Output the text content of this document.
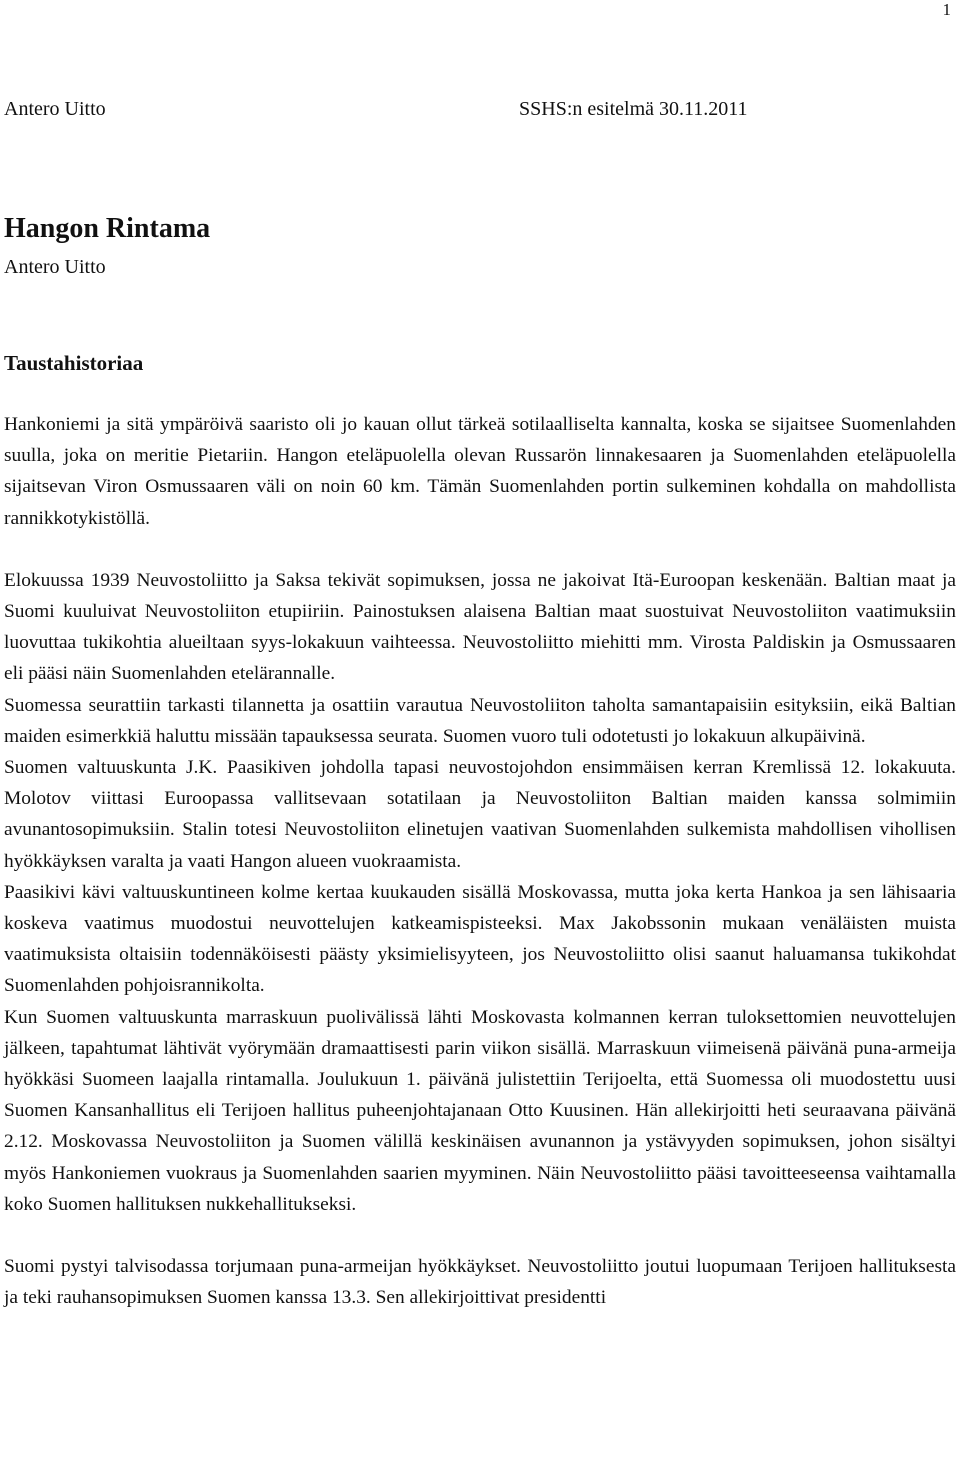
1
Antero Uitto	SSHS:n esitelmä 30.11.2011
Hangon Rintama
Antero Uitto
Taustahistoriaa

Hankoniemi ja sitä ympäröivä saaristo oli jo kauan ollut tärkeä sotilaalliselta kannalta, koska se sijaitsee Suomenlahden suulla, joka on meritie Pietariin. Hangon eteläpuolella olevan Russarön linnakesaaren ja Suomenlahden eteläpuolella sijaitsevan Viron Osmussaaren väli on noin 60 km. Tämän Suomenlahden portin sulkeminen kohdalla on mahdollista rannikkotykistöllä.

Elokuussa 1939 Neuvostoliitto ja Saksa tekivät sopimuksen, jossa ne jakoivat Itä-Euroopan keskenään. Baltian maat ja Suomi kuuluivat Neuvostoliiton etupiiriin. Painostuksen alaisena Baltian maat suostuivat Neuvostoliiton vaatimuksiin luovuttaa tukikohtia alueiltaan syys-lokakuun vaihteessa. Neuvostoliitto miehitti mm. Virosta Paldiskin ja Osmussaaren eli pääsi näin Suomenlahden etelärannalle.

Suomessa seurattiin tarkasti tilannetta ja osattiin varautua Neuvostoliiton taholta samantapaisiin esityksiin, eikä Baltian maiden esimerkkiä haluttu missään tapauksessa seurata. Suomen vuoro tuli odotetusti jo lokakuun alkupäivinä.

Suomen valtuuskunta J.K. Paasikiven johdolla tapasi neuvostojohdon ensimmäisen kerran Kremlissä 12. lokakuuta. Molotov viittasi Euroopassa vallitsevaan sotatilaan ja Neuvostoliiton Baltian maiden kanssa solmimiin avunantosopimuksiin. Stalin totesi Neuvostoliiton elinetujen vaativan Suomenlahden sulkemista mahdollisen vihollisen hyökkäyksen varalta ja vaati Hangon alueen vuokraamista.

Paasikivi kävi valtuuskuntineen kolme kertaa kuukauden sisällä Moskovassa, mutta joka kerta Hankoa ja sen lähisaaria koskeva vaatimus muodostui neuvottelujen katkeamispisteeksi. Max Jakobssonin mukaan venäläisten muista vaatimuksista oltaisiin todennäköisesti päästy yksimielisyyteen, jos Neuvostoliitto olisi saanut haluamansa tukikohdat Suomenlahden pohjoisrannikolta.

Kun Suomen valtuuskunta marraskuun puolivälissä lähti Moskovasta kolmannen kerran tuloksettomien neuvottelujen jälkeen, tapahtumat lähtivät vyörymään dramaattisesti parin viikon sisällä. Marraskuun viimeisenä päivänä puna-armeija hyökkäsi Suomeen laajalla rintamalla. Joulukuun 1. päivänä julistettiin Terijoelta, että Suomessa oli muodostettu uusi Suomen Kansanhallitus eli Terijoen hallitus puheenjohtajanaan Otto Kuusinen. Hän allekirjoitti heti seuraavana päivänä 2.12. Moskovassa Neuvostoliiton ja Suomen välillä keskinäisen avunannon ja ystävyyden sopimuksen, johon sisältyi myös Hankoniemen vuokraus ja Suomenlahden saarien myyminen. Näin Neuvostoliitto pääsi tavoitteeseensa vaihtamalla koko Suomen hallituksen nukkehallitukseksi.

Suomi pystyi talvisodassa torjumaan puna-armeijan hyökkäykset. Neuvostoliitto joutui luopumaan Terijoen hallituksesta ja teki rauhansopimuksen Suomen kanssa 13.3. Sen allekirjoittivat presidentti
